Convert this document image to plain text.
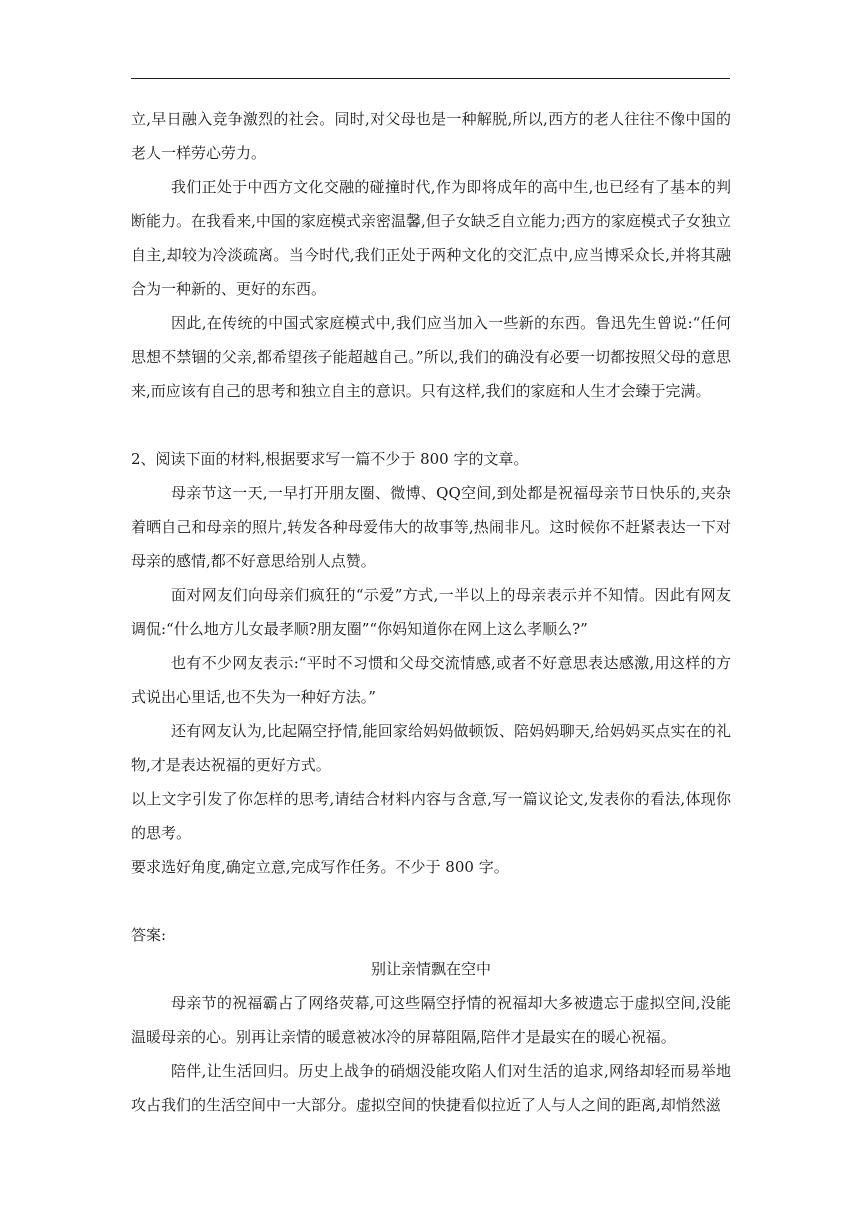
立,早日融入竞争激烈的社会。同时,对父母也是一种解脱,所以,西方的老人往往不像中国的老人一样劳心劳力。

我们正处于中西方文化交融的碰撞时代,作为即将成年的高中生,也已经有了基本的判断能力。在我看来,中国的家庭模式亲密温馨,但子女缺乏自立能力;西方的家庭模式子女独立自主,却较为冷淡疏离。当今时代,我们正处于两种文化的交汇点中,应当博采众长,并将其融合为一种新的、更好的东西。

因此,在传统的中国式家庭模式中,我们应当加入一些新的东西。鲁迅先生曾说:“任何思想不禁锢的父亲,都希望孩子能超越自己。”所以,我们的确没有必要一切都按照父母的意思来,而应该有自己的思考和独立自主的意识。只有这样,我们的家庭和人生才会臻于完满。

2、阅读下面的材料,根据要求写一篇不少于 800 字的文章。

母亲节这一天,一早打开朋友圈、微博、QQ空间,到处都是祝福母亲节日快乐的,夹杂着晒自己和母亲的照片,转发各种母爱伟大的故事等,热闹非凡。这时候你不赶紧表达一下对母亲的感情,都不好意思给别人点赞。

面对网友们向母亲们疯狂的“示爱”方式,一半以上的母亲表示并不知情。因此有网友调侃:“什么地方儿女最孝顺?朋友圈”“你妈知道你在网上这么孝顺么?”

也有不少网友表示:“平时不习惯和父母交流情感,或者不好意思表达感激,用这样的方式说出心里话,也不失为一种好方法。”

还有网友认为,比起隔空抒情,能回家给妈妈做顿饭、陪妈妈聊天,给妈妈买点实在的礼物,才是表达祝福的更好方式。

以上文字引发了你怎样的思考,请结合材料内容与含意,写一篇议论文,发表你的看法,体现你的思考。

要求选好角度,确定立意,完成写作任务。不少于 800 字。

答案:

别让亲情飘在空中

母亲节的祝福霸占了网络荧幕,可这些隔空抒情的祝福却大多被遗忘于虚拟空间,没能温暖母亲的心。别再让亲情的暖意被冰冷的屏幕阻隔,陪伴才是最实在的暖心祝福。

陪伴,让生活回归。历史上战争的硝烟没能攻陷人们对生活的追求,网络却轻而易举地攻占我们的生活空间中一大部分。虚拟空间的快捷看似拉近了人与人之间的距离,却悄然滋
